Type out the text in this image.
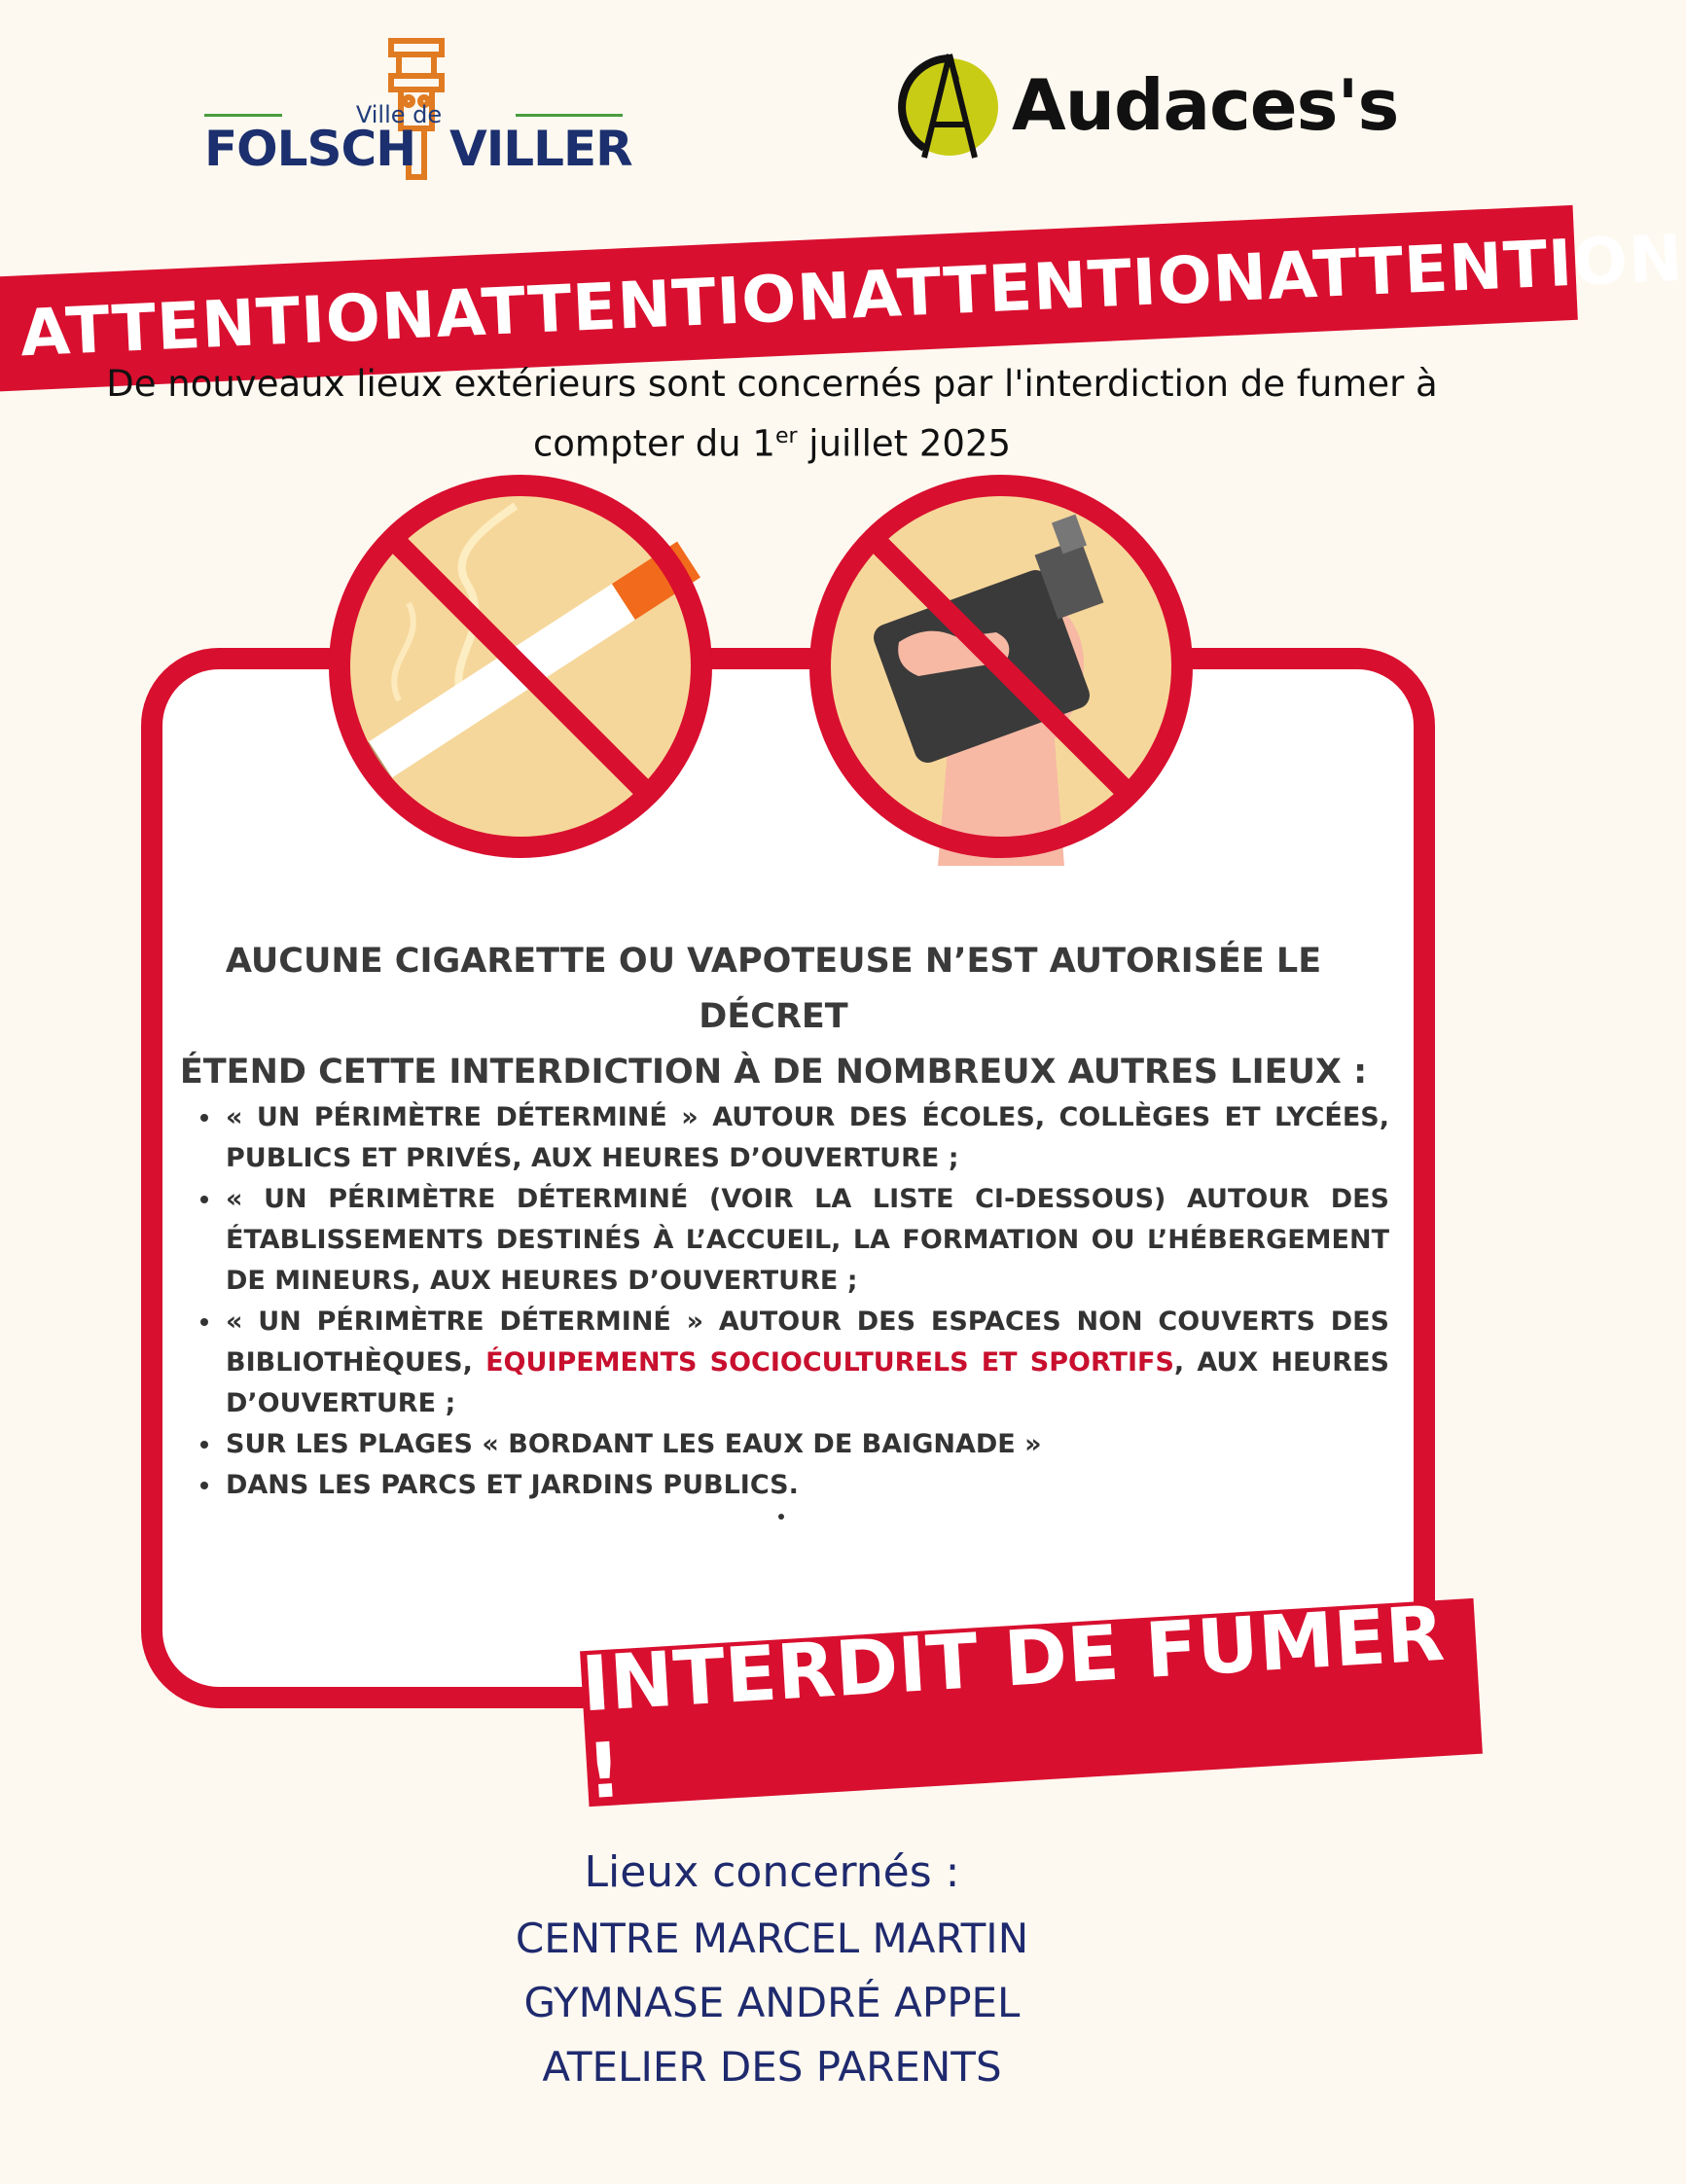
Ville de
FOLSCH VILLER
Audaces's
ATTENTION
ATTENTION
ATTENTION
ATTENTION
De nouveaux lieux extérieurs sont concernés par l'interdiction de fumer à
compter du 1er juillet 2025
AUCUNE CIGARETTE OU VAPOTEUSE N’EST AUTORISÉE LE DÉCRET
ÉTEND CETTE INTERDICTION À DE NOMBREUX AUTRES LIEUX :
« UN PÉRIMÈTRE DÉTERMINÉ » AUTOUR DES ÉCOLES, COLLÈGES ET LYCÉES, PUBLICS ET PRIVÉS, AUX HEURES D’OUVERTURE ;
« UN PÉRIMÈTRE DÉTERMINÉ (VOIR LA LISTE CI-DESSOUS) AUTOUR DES ÉTABLISSEMENTS DESTINÉS À L’ACCUEIL, LA FORMATION OU L’HÉBERGEMENT DE MINEURS, AUX HEURES D’OUVERTURE ;
« UN PÉRIMÈTRE DÉTERMINÉ » AUTOUR DES ESPACES NON COUVERTS DES BIBLIOTHÈQUES, ÉQUIPEMENTS SOCIOCULTURELS ET SPORTIFS, AUX HEURES D’OUVERTURE ;
SUR LES PLAGES « BORDANT LES EAUX DE BAIGNADE »
DANS LES PARCS ET JARDINS PUBLICS.
INTERDIT DE FUMER !
Lieux concernés :
CENTRE MARCEL MARTIN
GYMNASE ANDRÉ APPEL
ATELIER DES PARENTS
